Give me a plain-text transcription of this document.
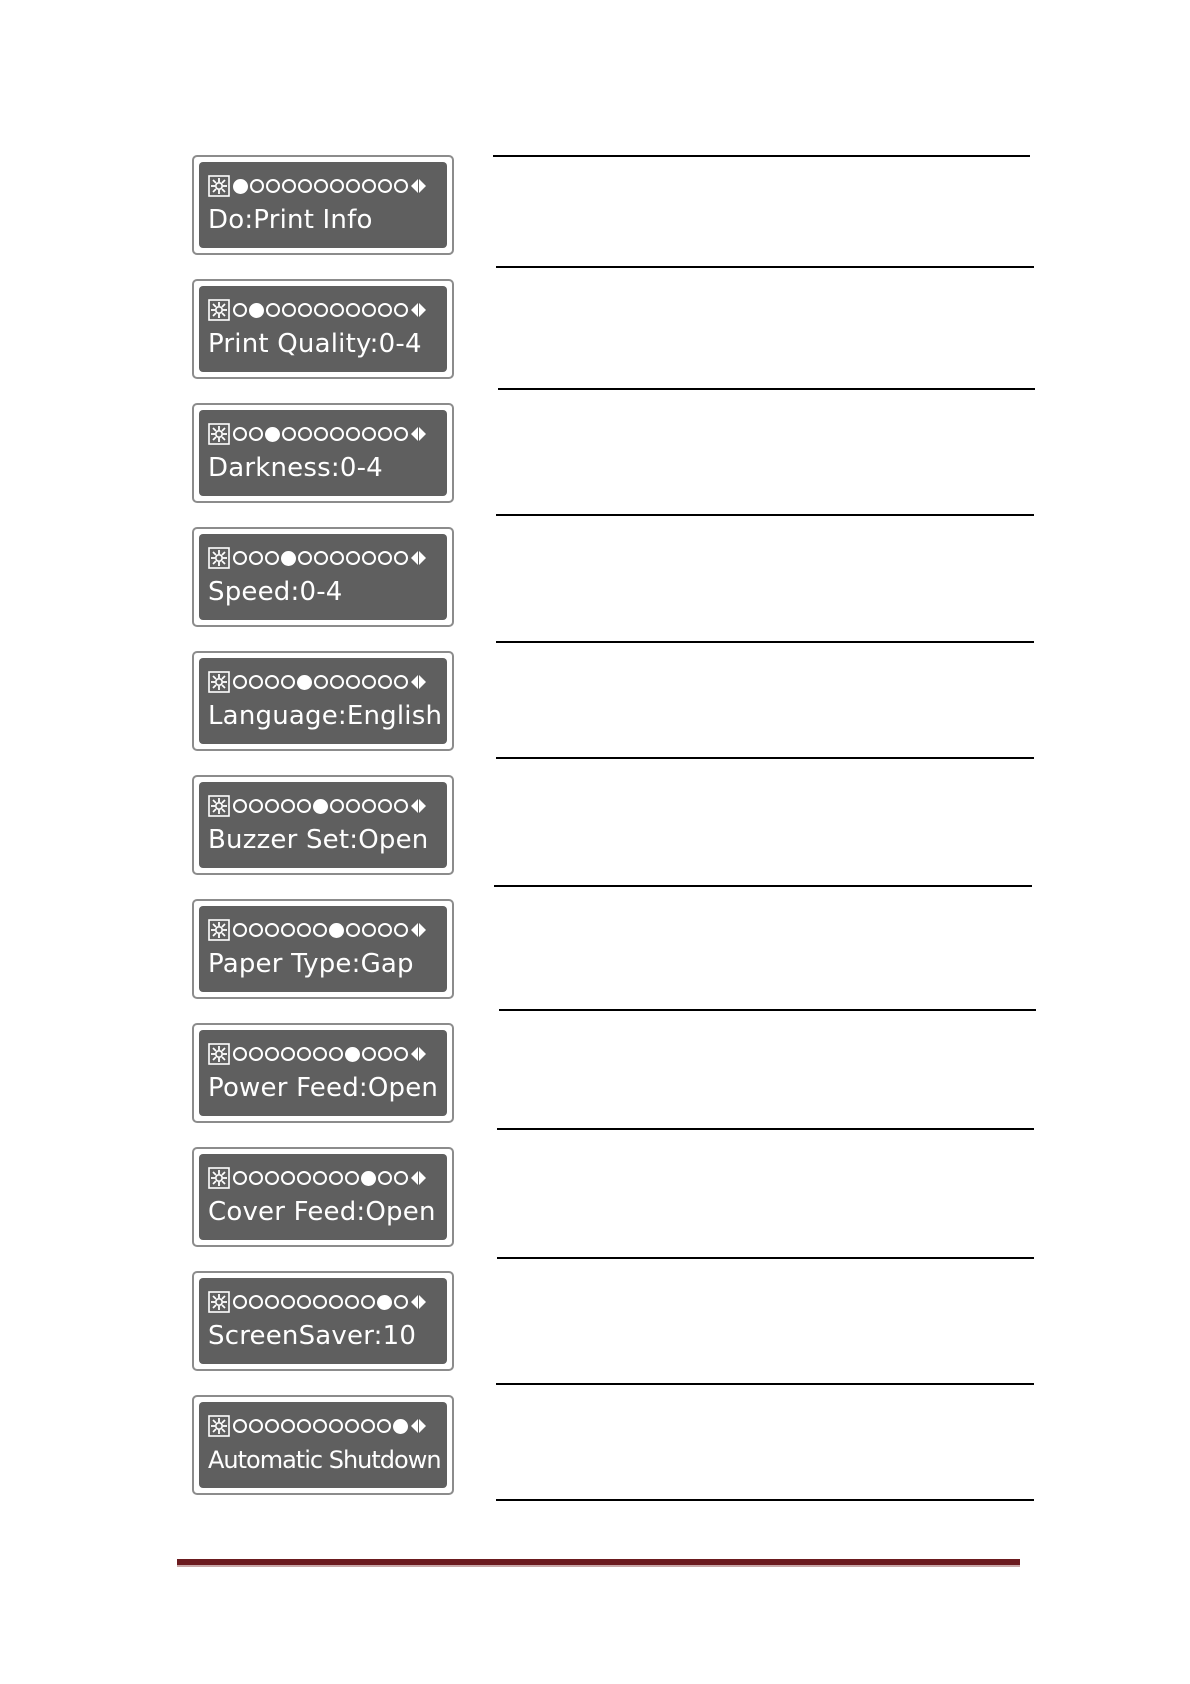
Do:Print Info
Print Quality:0-4
Darkness:0-4
Speed:0-4
Language:English
Buzzer Set:Open
Paper Type:Gap
Power Feed:Open
Cover Feed:Open
ScreenSaver:10
Automatic Shutdown
